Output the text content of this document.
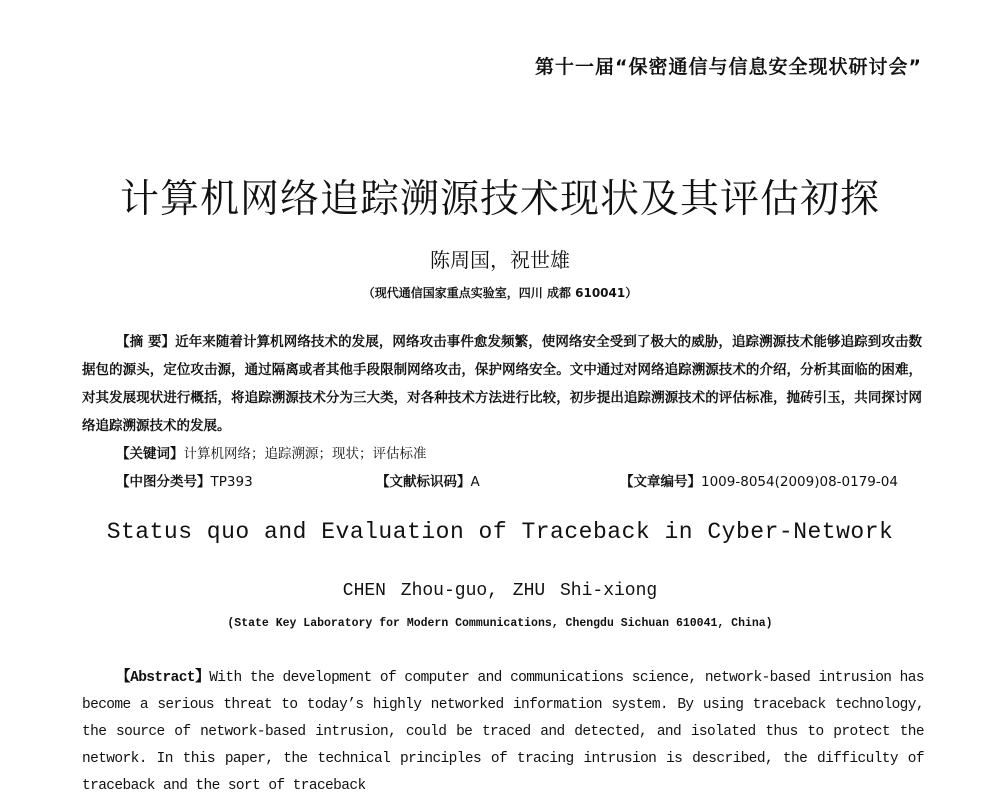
第十一届“保密通信与信息安全现状研讨会”
计算机网络追踪溯源技术现状及其评估初探
陈周国，祝世雄
（现代通信国家重点实验室，四川 成都 610041）
【摘 要】近年来随着计算机网络技术的发展，网络攻击事件愈发频繁，使网络安全受到了极大的威胁，追踪溯源技术能够追踪到攻击数据包的源头，定位攻击源，通过隔离或者其他手段限制网络攻击，保护网络安全。文中通过对网络追踪溯源技术的介绍，分析其面临的困难，对其发展现状进行概括，将追踪溯源技术分为三大类，对各种技术方法进行比较，初步提出追踪溯源技术的评估标准，抛砖引玉，共同探讨网络追踪溯源技术的发展。
【关键词】计算机网络；追踪溯源；现状；评估标准
【中图分类号】TP393	【文献标识码】A	【文章编号】1009-8054(2009)08-0179-04
Status quo and Evaluation of Traceback in Cyber-Network
CHEN Zhou-guo, ZHU Shi-xiong
(State Key Laboratory for Modern Communications, Chengdu Sichuan 610041, China)
【Abstract】With the development of computer and communications science, network-based intrusion has become a serious threat to today’s highly networked information system. By using traceback technology, the source of network-based intrusion, could be traced and detected, and isolated thus to protect the network. In this paper, the technical principles of tracing intrusion is described, the difficulty of traceback and the sort of traceback
